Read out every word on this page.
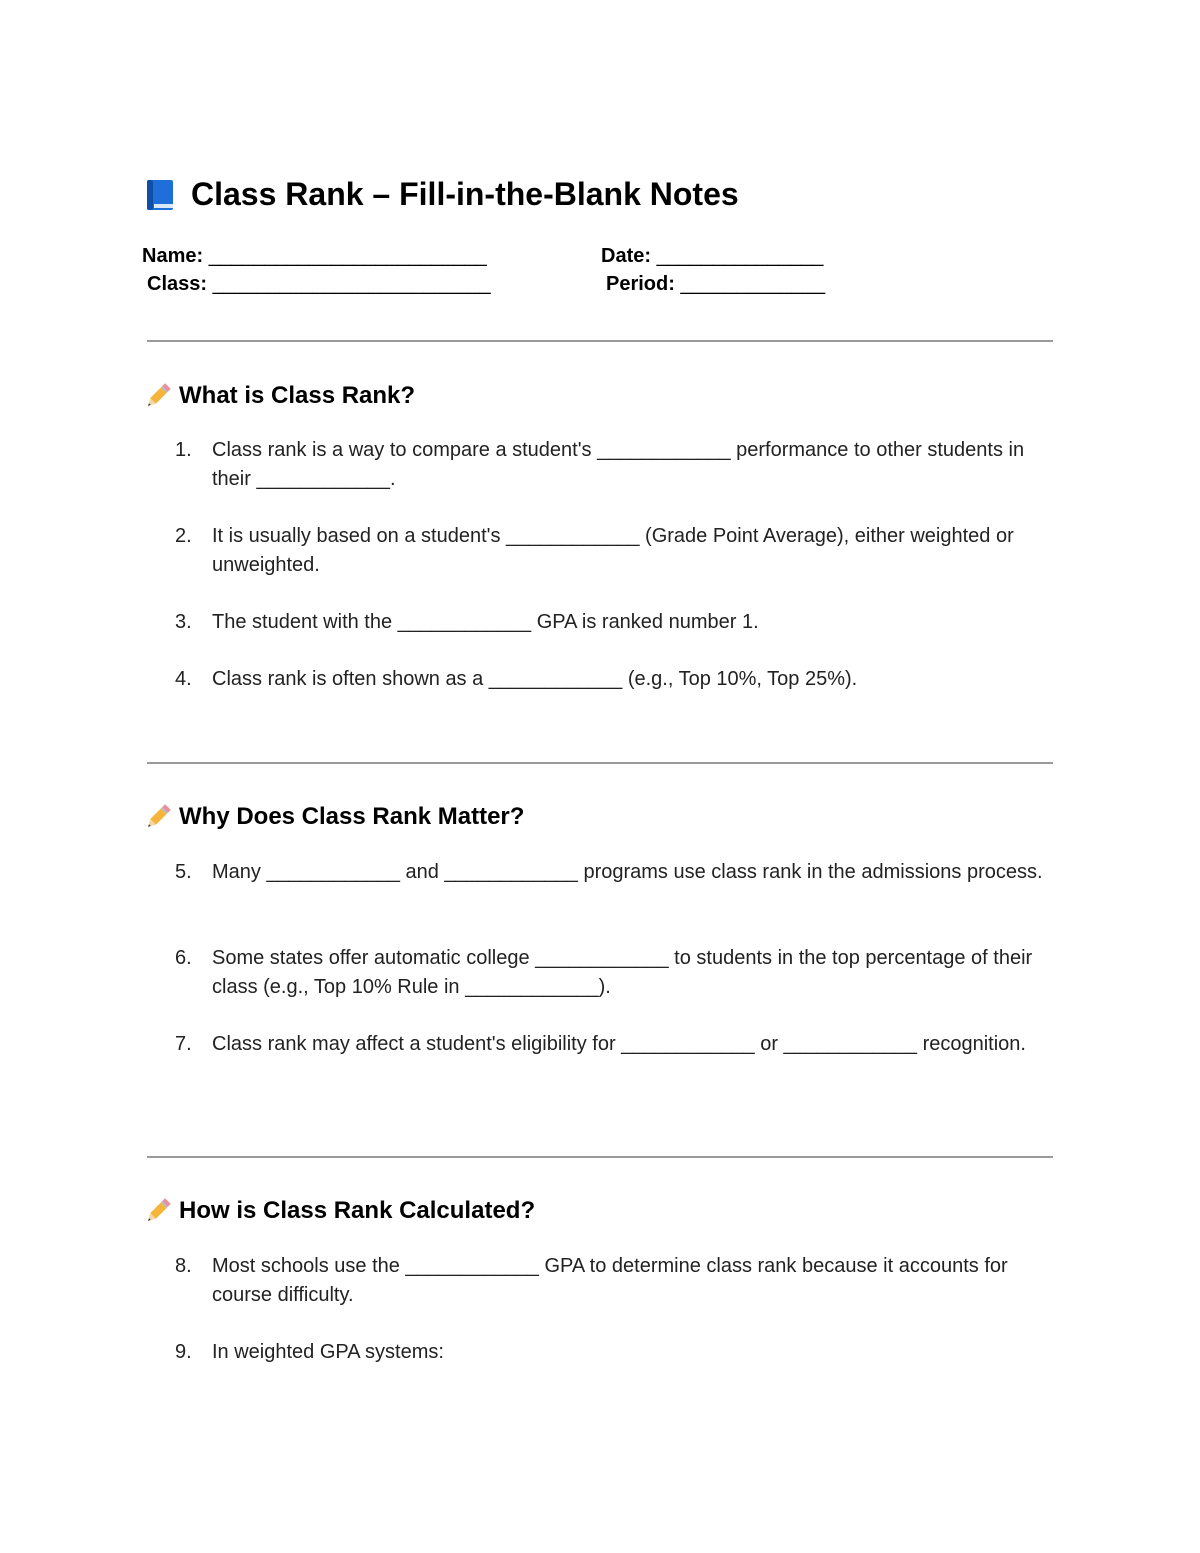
Class Rank – Fill-in-the-Blank Notes
Name: _________________________	Date: _______________
Class: _________________________	Period: _____________
What is Class Rank?
1. Class rank is a way to compare a student's ____________ performance to other students in their ____________.
2. It is usually based on a student's ____________ (Grade Point Average), either weighted or unweighted.
3. The student with the ____________ GPA is ranked number 1.
4. Class rank is often shown as a ____________ (e.g., Top 10%, Top 25%).
Why Does Class Rank Matter?
5. Many ____________ and ____________ programs use class rank in the admissions process.
6. Some states offer automatic college ____________ to students in the top percentage of their class (e.g., Top 10% Rule in ____________).
7. Class rank may affect a student's eligibility for ____________ or ____________ recognition.
How is Class Rank Calculated?
8. Most schools use the ____________ GPA to determine class rank because it accounts for course difficulty.
9. In weighted GPA systems:
